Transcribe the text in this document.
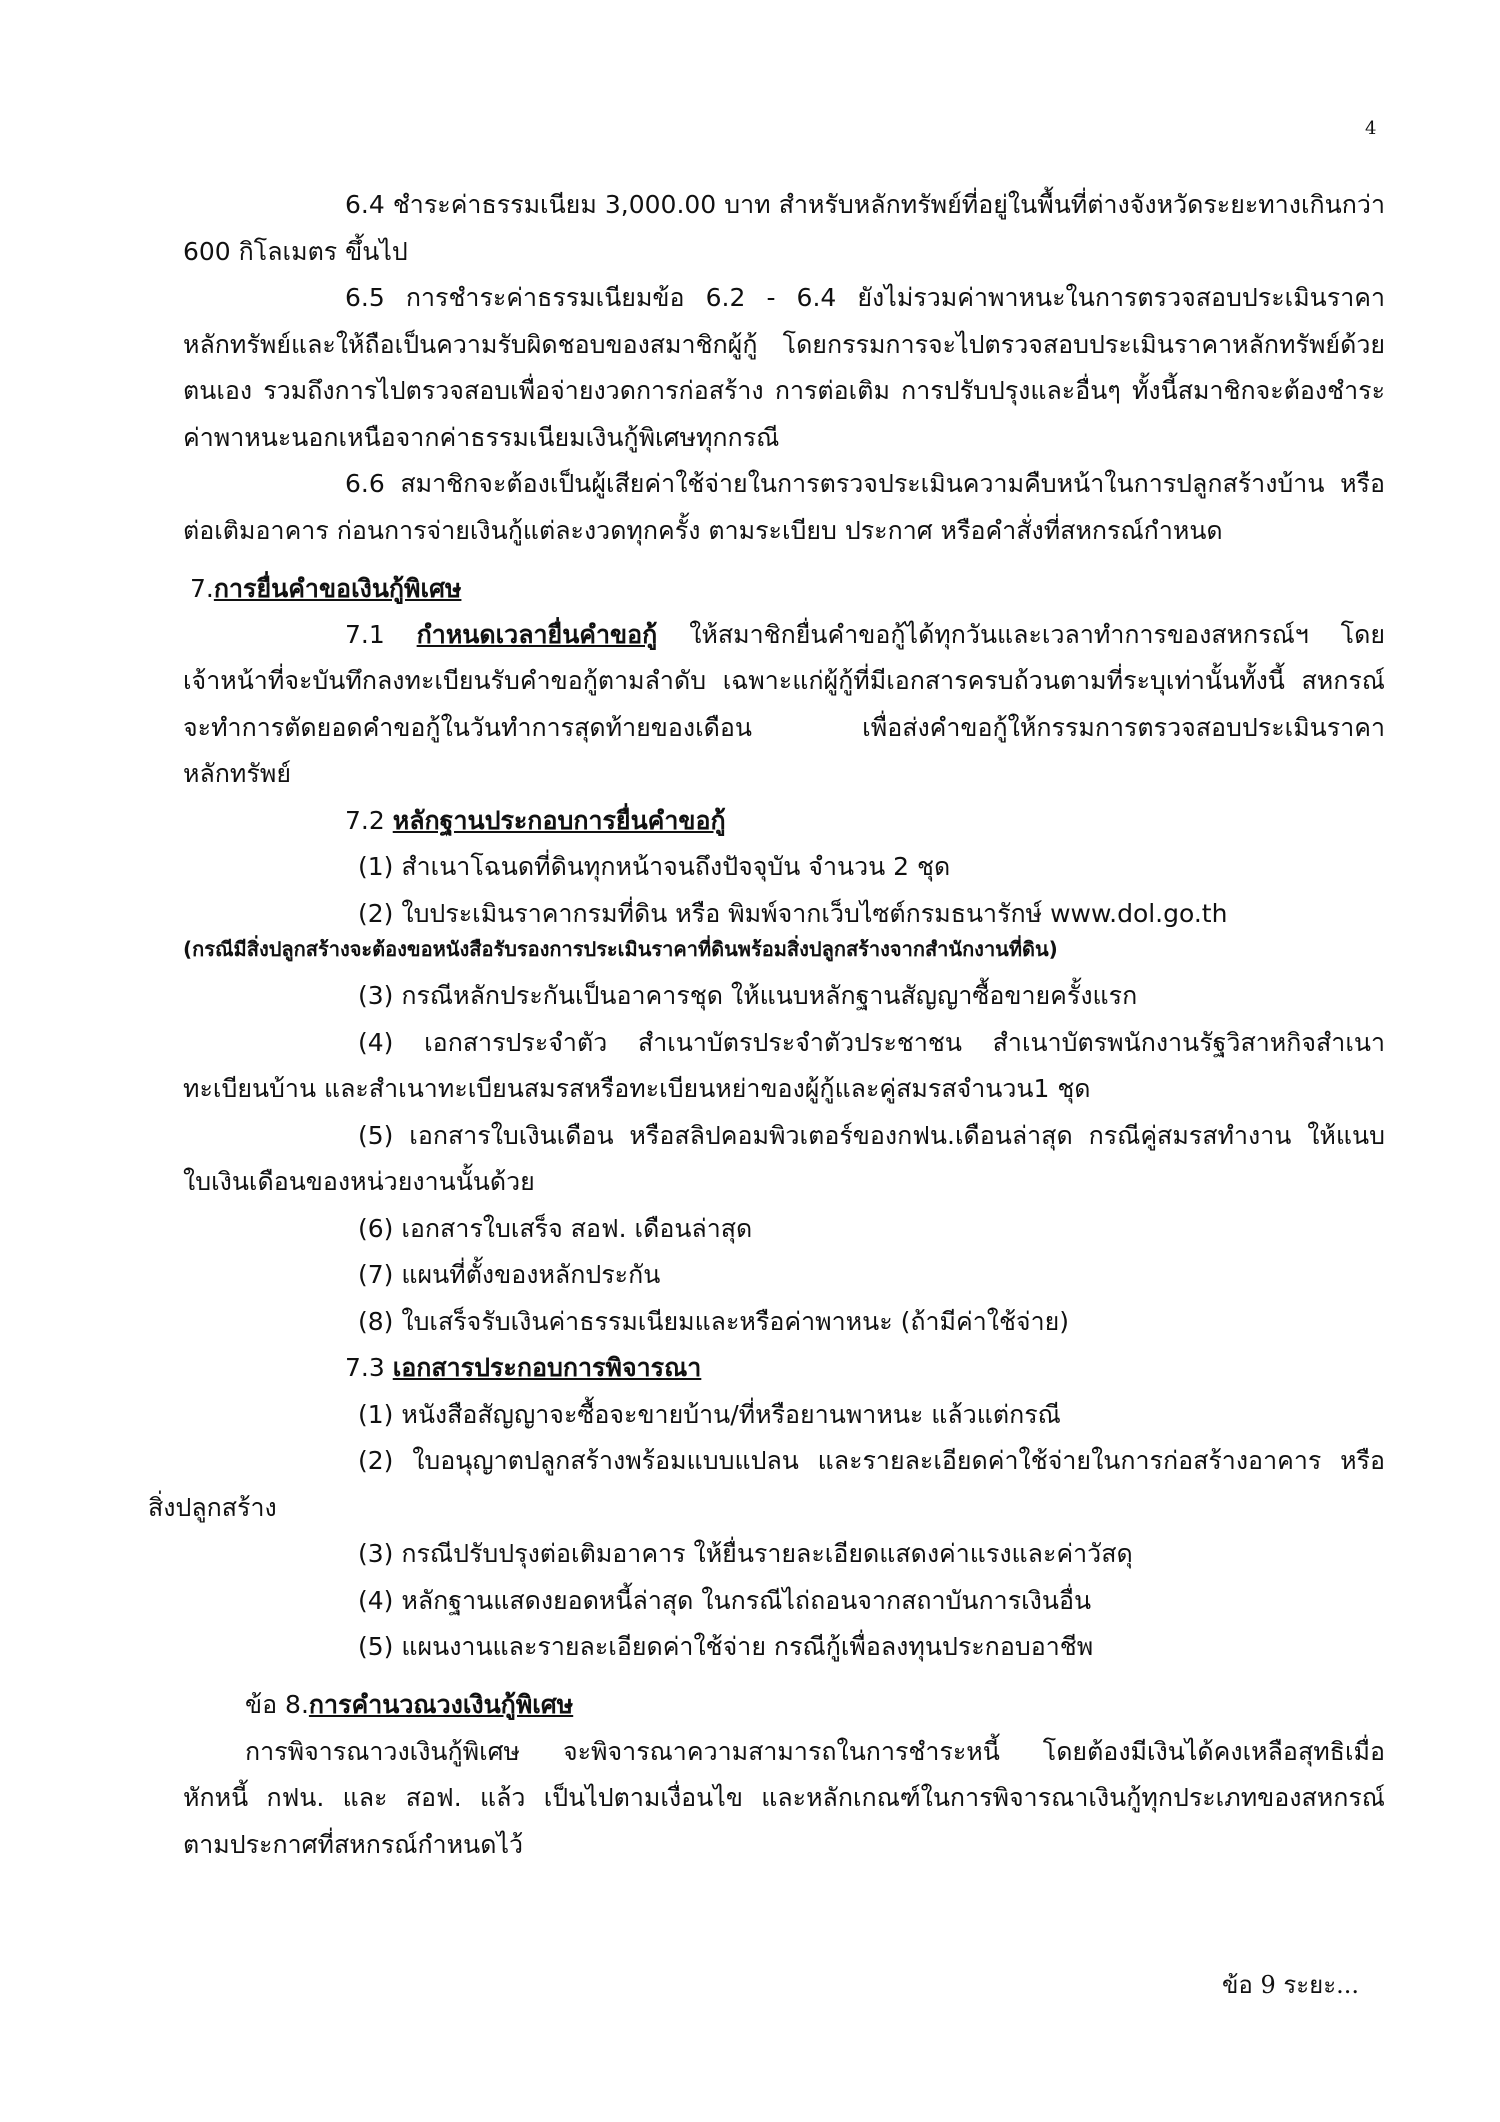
4
6.4 ชำระค่าธรรมเนียม 3,000.00 บาท สำหรับหลักทรัพย์ที่อยู่ในพื้นที่ต่างจังหวัดระยะทางเกินกว่า
600 กิโลเมตร ขึ้นไป
6.5 การชำระค่าธรรมเนียมข้อ 6.2 - 6.4 ยังไม่รวมค่าพาหนะในการตรวจสอบประเมินราคา
หลักทรัพย์และให้ถือเป็นความรับผิดชอบของสมาชิกผู้กู้ โดยกรรมการจะไปตรวจสอบประเมินราคาหลักทรัพย์ด้วย
ตนเอง รวมถึงการไปตรวจสอบเพื่อจ่ายงวดการก่อสร้าง การต่อเติม การปรับปรุงและอื่นๆ ทั้งนี้สมาชิกจะต้องชำระ
ค่าพาหนะนอกเหนือจากค่าธรรมเนียมเงินกู้พิเศษทุกกรณี
6.6 สมาชิกจะต้องเป็นผู้เสียค่าใช้จ่ายในการตรวจประเมินความคืบหน้าในการปลูกสร้างบ้าน หรือ
ต่อเติมอาคาร ก่อนการจ่ายเงินกู้แต่ละงวดทุกครั้ง ตามระเบียบ ประกาศ หรือคำสั่งที่สหกรณ์กำหนด
7.การยื่นคำขอเงินกู้พิเศษ
7.1 กำหนดเวลายื่นคำขอกู้ ให้สมาชิกยื่นคำขอกู้ได้ทุกวันและเวลาทำการของสหกรณ์ฯ โดย
เจ้าหน้าที่จะบันทึกลงทะเบียนรับคำขอกู้ตามลำดับ เฉพาะแก่ผู้กู้ที่มีเอกสารครบถ้วนตามที่ระบุเท่านั้นทั้งนี้ สหกรณ์
จะทำการตัดยอดคำขอกู้ในวันทำการสุดท้ายของเดือน เพื่อส่งคำขอกู้ให้กรรมการตรวจสอบประเมินราคา
หลักทรัพย์
7.2 หลักฐานประกอบการยื่นคำขอกู้
(1) สำเนาโฉนดที่ดินทุกหน้าจนถึงปัจจุบัน จำนวน 2 ชุด
(2) ใบประเมินราคากรมที่ดิน หรือ พิมพ์จากเว็บไซต์กรมธนารักษ์ www.dol.go.th
(กรณีมีสิ่งปลูกสร้างจะต้องขอหนังสือรับรองการประเมินราคาที่ดินพร้อมสิ่งปลูกสร้างจากสำนักงานที่ดิน)
(3) กรณีหลักประกันเป็นอาคารชุด ให้แนบหลักฐานสัญญาซื้อขายครั้งแรก
(4) เอกสารประจำตัว สำเนาบัตรประจำตัวประชาชน สำเนาบัตรพนักงานรัฐวิสาหกิจสำเนา
ทะเบียนบ้าน และสำเนาทะเบียนสมรสหรือทะเบียนหย่าของผู้กู้และคู่สมรสจำนวน1 ชุด
(5) เอกสารใบเงินเดือน หรือสลิปคอมพิวเตอร์ของกฟน.เดือนล่าสุด กรณีคู่สมรสทำงาน ให้แนบ
ใบเงินเดือนของหน่วยงานนั้นด้วย
(6) เอกสารใบเสร็จ สอฟ. เดือนล่าสุด
(7) แผนที่ตั้งของหลักประกัน
(8) ใบเสร็จรับเงินค่าธรรมเนียมและหรือค่าพาหนะ (ถ้ามีค่าใช้จ่าย)
7.3 เอกสารประกอบการพิจารณา
(1) หนังสือสัญญาจะซื้อจะขายบ้าน/ที่หรือยานพาหนะ แล้วแต่กรณี
(2) ใบอนุญาตปลูกสร้างพร้อมแบบแปลน และรายละเอียดค่าใช้จ่ายในการก่อสร้างอาคาร หรือ
สิ่งปลูกสร้าง
(3) กรณีปรับปรุงต่อเติมอาคาร ให้ยื่นรายละเอียดแสดงค่าแรงและค่าวัสดุ
(4) หลักฐานแสดงยอดหนี้ล่าสุด ในกรณีไถ่ถอนจากสถาบันการเงินอื่น
(5) แผนงานและรายละเอียดค่าใช้จ่าย กรณีกู้เพื่อลงทุนประกอบอาชีพ
ข้อ 8.การคำนวณวงเงินกู้พิเศษ
การพิจารณาวงเงินกู้พิเศษ จะพิจารณาความสามารถในการชำระหนี้ โดยต้องมีเงินได้คงเหลือสุทธิเมื่อ
หักหนี้ กฟน. และ สอฟ. แล้ว เป็นไปตามเงื่อนไข และหลักเกณฑ์ในการพิจารณาเงินกู้ทุกประเภทของสหกรณ์
ตามประกาศที่สหกรณ์กำหนดไว้
ข้อ 9 ระยะ...
